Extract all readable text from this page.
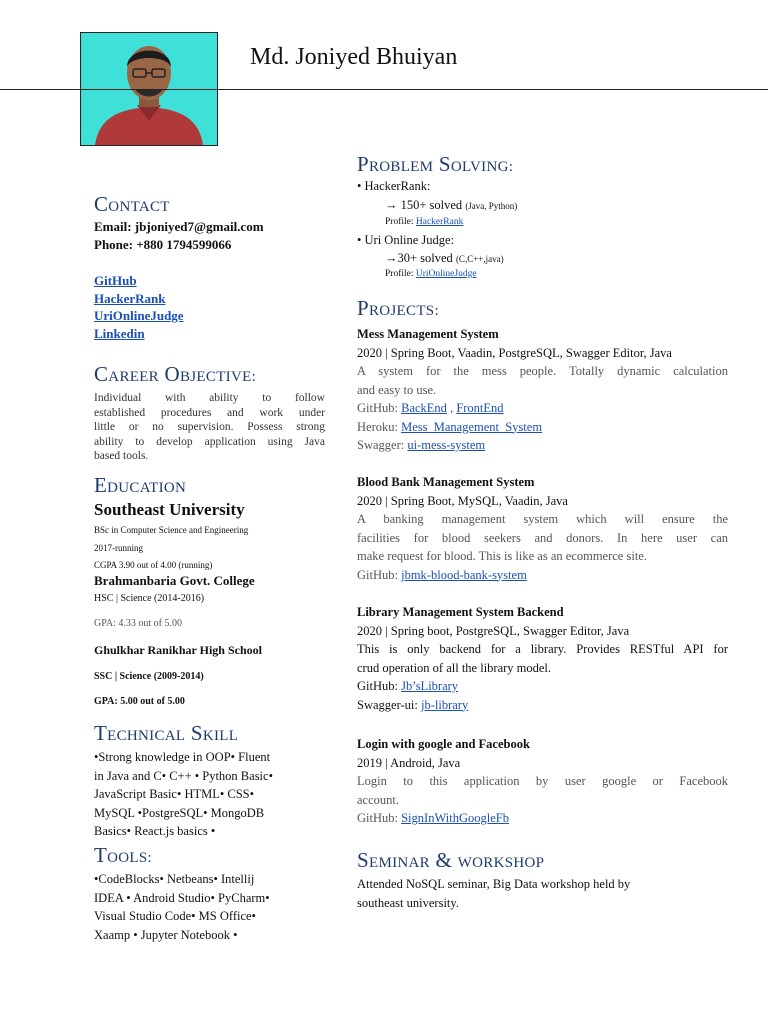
Md. Joniyed Bhuiyan
Contact
Email: jbjoniyed7@gmail.com
Phone: +880 1794599066
GitHub
HackerRank
UriOnlineJudge
Linkedin
Career Objective:
Individual with ability to follow
established procedures and work under
little or no supervision. Possess strong
ability to develop application using Java
based tools.
Education
Southeast University
BSc in Computer Science and Engineering
2017-running
CGPA 3.90 out of 4.00 (running)
Brahmanbaria Govt. College
HSC | Science (2014-2016)
GPA: 4.33 out of 5.00
Ghulkhar Ranikhar High School
SSC | Science (2009-2014)
GPA: 5.00 out of 5.00
Technical Skill
•Strong knowledge in OOP• Fluent
in Java and C• C++ • Python Basic•
JavaScript Basic• HTML• CSS•
MySQL •PostgreSQL• MongoDB
Basics• React.js basics •
Tools:
•CodeBlocks• Netbeans• Intellij
IDEA • Android Studio• PyCharm•
Visual Studio Code• MS Office•
Xaamp • Jupyter Notebook •
Problem Solving:
• HackerRank:
→ 150+ solved (Java, Python)
Profile: HackerRank
• Uri Online Judge:
→30+ solved (C,C++,java)
Profile: UriOnlineJudge
Projects:
Mess Management System
2020 | Spring Boot, Vaadin, PostgreSQL, Swagger Editor, Java
A system for the mess people. Totally dynamic calculation
and easy to use.
GitHub: BackEnd , FrontEnd
Heroku: Mess_Management_System
Swagger: ui-mess-system
Blood Bank Management System
2020 | Spring Boot, MySQL, Vaadin, Java
A banking management system which will ensure the
facilities for blood seekers and donors. In here user can
make request for blood. This is like as an ecommerce site.
GitHub: jbmk-blood-bank-system
Library Management System Backend
2020 | Spring boot, PostgreSQL, Swagger Editor, Java
This is only backend for a library. Provides RESTful API for
crud operation of all the library model.
GitHub: Jb’sLibrary
Swagger-ui: jb-library
Login with google and Facebook
2019 | Android, Java
Login to this application by user google or Facebook
account.
GitHub: SignInWithGoogleFb
Seminar & workshop
Attended NoSQL seminar, Big Data workshop held by
southeast university.
